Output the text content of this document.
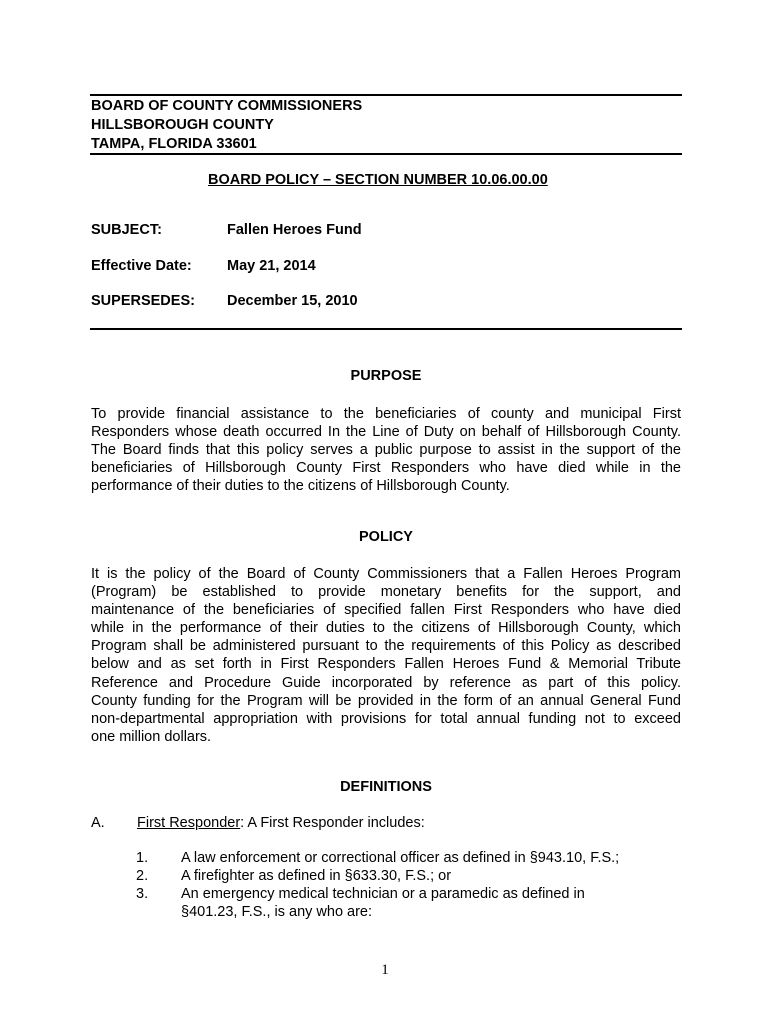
BOARD OF COUNTY COMMISSIONERS
HILLSBOROUGH COUNTY
TAMPA, FLORIDA 33601
BOARD POLICY – SECTION NUMBER 10.06.00.00
SUBJECT:	Fallen Heroes Fund
Effective Date: May 21, 2014
SUPERSEDES: December 15, 2010
PURPOSE
To provide financial assistance to the beneficiaries of county and municipal First
Responders whose death occurred In the Line of Duty on behalf of Hillsborough County.
The Board finds that this policy serves a public purpose to assist in the support of the
beneficiaries of Hillsborough County First Responders who have died while in the
performance of their duties to the citizens of Hillsborough County.
POLICY
It is the policy of the Board of County Commissioners that a Fallen Heroes Program
(Program) be established to provide monetary benefits for the support, and
maintenance of the beneficiaries of specified fallen First Responders who have died
while in the performance of their duties to the citizens of Hillsborough County, which
Program shall be administered pursuant to the requirements of this Policy as described
below and as set forth in First Responders Fallen Heroes Fund & Memorial Tribute
Reference and Procedure Guide incorporated by reference as part of this policy.
County funding for the Program will be provided in the form of an annual General Fund
non-departmental appropriation with provisions for total annual funding not to exceed
one million dollars.
DEFINITIONS
A. First Responder: A First Responder includes:
1. A law enforcement or correctional officer as defined in §943.10, F.S.;
2. A firefighter as defined in §633.30, F.S.; or
3. An emergency medical technician or a paramedic as defined in
§401.23, F.S., is any who are:
1
